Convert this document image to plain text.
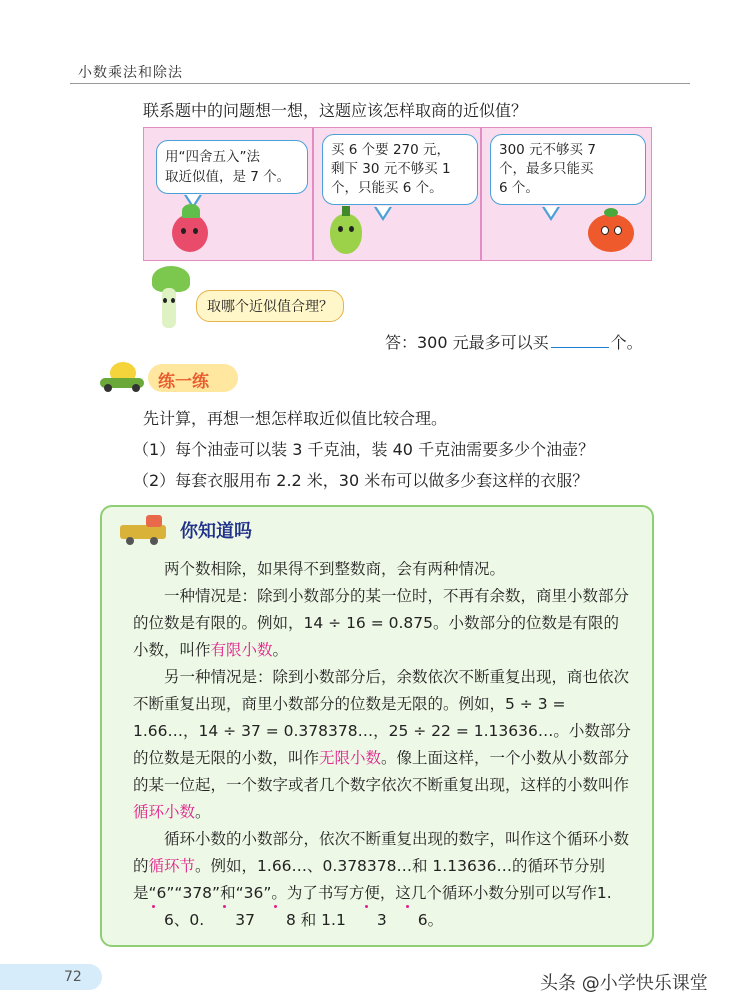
小数乘法和除法
联系题中的问题想一想，这题应该怎样取商的近似值？
用“四舍五入”法
取近似值，是 7 个。
买 6 个要 270 元，
剩下 30 元不够买 1
个，只能买 6 个。
300 元不够买 7
个，最多只能买
6 个。
取哪个近似值合理？
答：300 元最多可以买	个。
练一练
先计算，再想一想怎样取近似值比较合理。
（1）每个油壶可以装 3 千克油，装 40 千克油需要多少个油壶？
（2）每套衣服用布 2.2 米，30 米布可以做多少套这样的衣服？
你知道吗
两个数相除，如果得不到整数商，会有两种情况。
一种情况是：除到小数部分的某一位时，不再有余数，商里小数部分的位数是有限的。例如，14 ÷ 16 = 0.875。小数部分的位数是有限的小数，叫作有限小数。
另一种情况是：除到小数部分后，余数依次不断重复出现，商也依次不断重复出现，商里小数部分的位数是无限的。例如，5 ÷ 3 = 1.66…，14 ÷ 37 = 0.378378…，25 ÷ 22 = 1.13636…。小数部分的位数是无限的小数，叫作无限小数。像上面这样，一个小数从小数部分的某一位起，一个数字或者几个数字依次不断重复出现，这样的小数叫作循环小数。
循环小数的小数部分，依次不断重复出现的数字，叫作这个循环小数的循环节。例如，1.66…、0.378378…和 1.13636…的循环节分别是“6”“378”和“36”。为了书写方便，这几个循环小数分别可以写作1.6、0. 37 8 和 1.1 3 6。
72	头条 @小学快乐课堂
